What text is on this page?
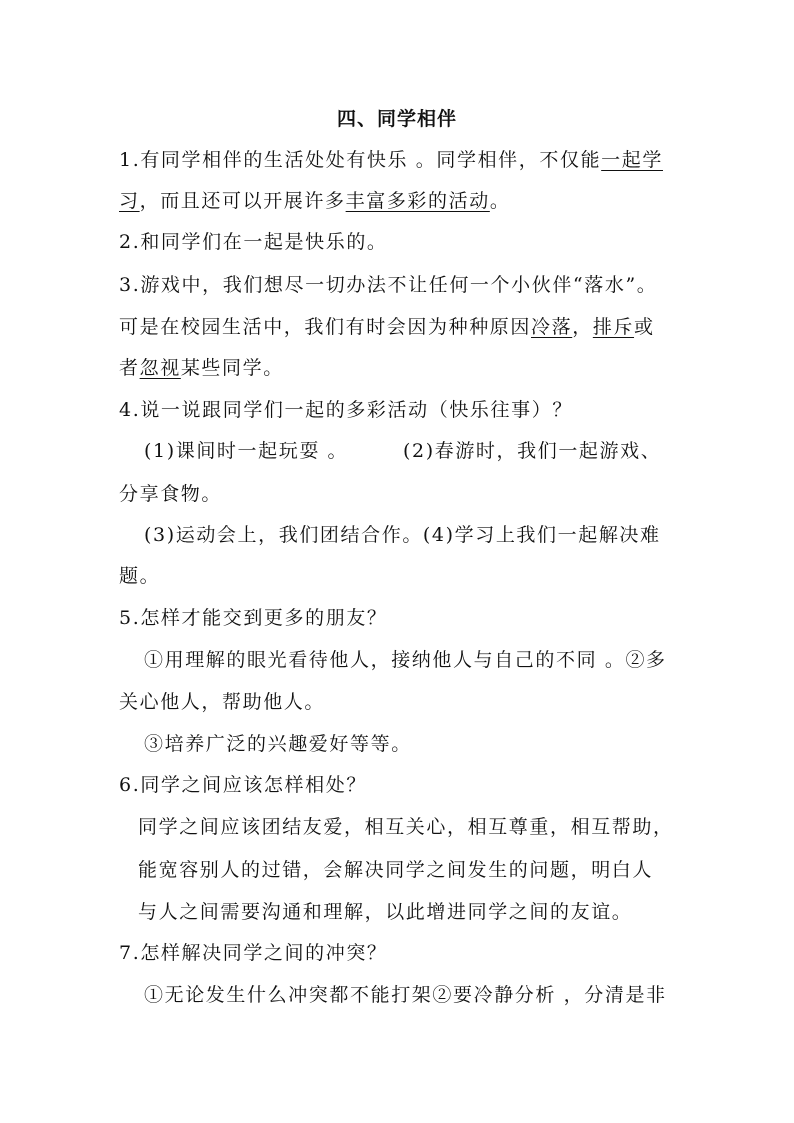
四、同学相伴
1.有同学相伴的生活处处有快乐 。同学相伴，不仅能一起学
习，而且还可以开展许多丰富多彩的活动。
2.和同学们在一起是快乐的。
3.游戏中，我们想尽一切办法不让任何一个小伙伴“落水”。
可是在校园生活中，我们有时会因为种种原因冷落，排斥或
者忽视某些同学。
4.说一说跟同学们一起的多彩活动（快乐往事）？
(1)课间时一起玩耍 。	(2)春游时，我们一起游戏、
分享食物。
(3)运动会上，我们团结合作。(4)学习上我们一起解决难
题。
5.怎样才能交到更多的朋友？
①用理解的眼光看待他人，接纳他人与自己的不同 。②多
关心他人，帮助他人。
③培养广泛的兴趣爱好等等。
6.同学之间应该怎样相处？
同学之间应该团结友爱，相互关心，相互尊重，相互帮助，
能宽容别人的过错，会解决同学之间发生的问题，明白人
与人之间需要沟通和理解，以此增进同学之间的友谊。
7.怎样解决同学之间的冲突？
①无论发生什么冲突都不能打架②要冷静分析 ，分清是非
